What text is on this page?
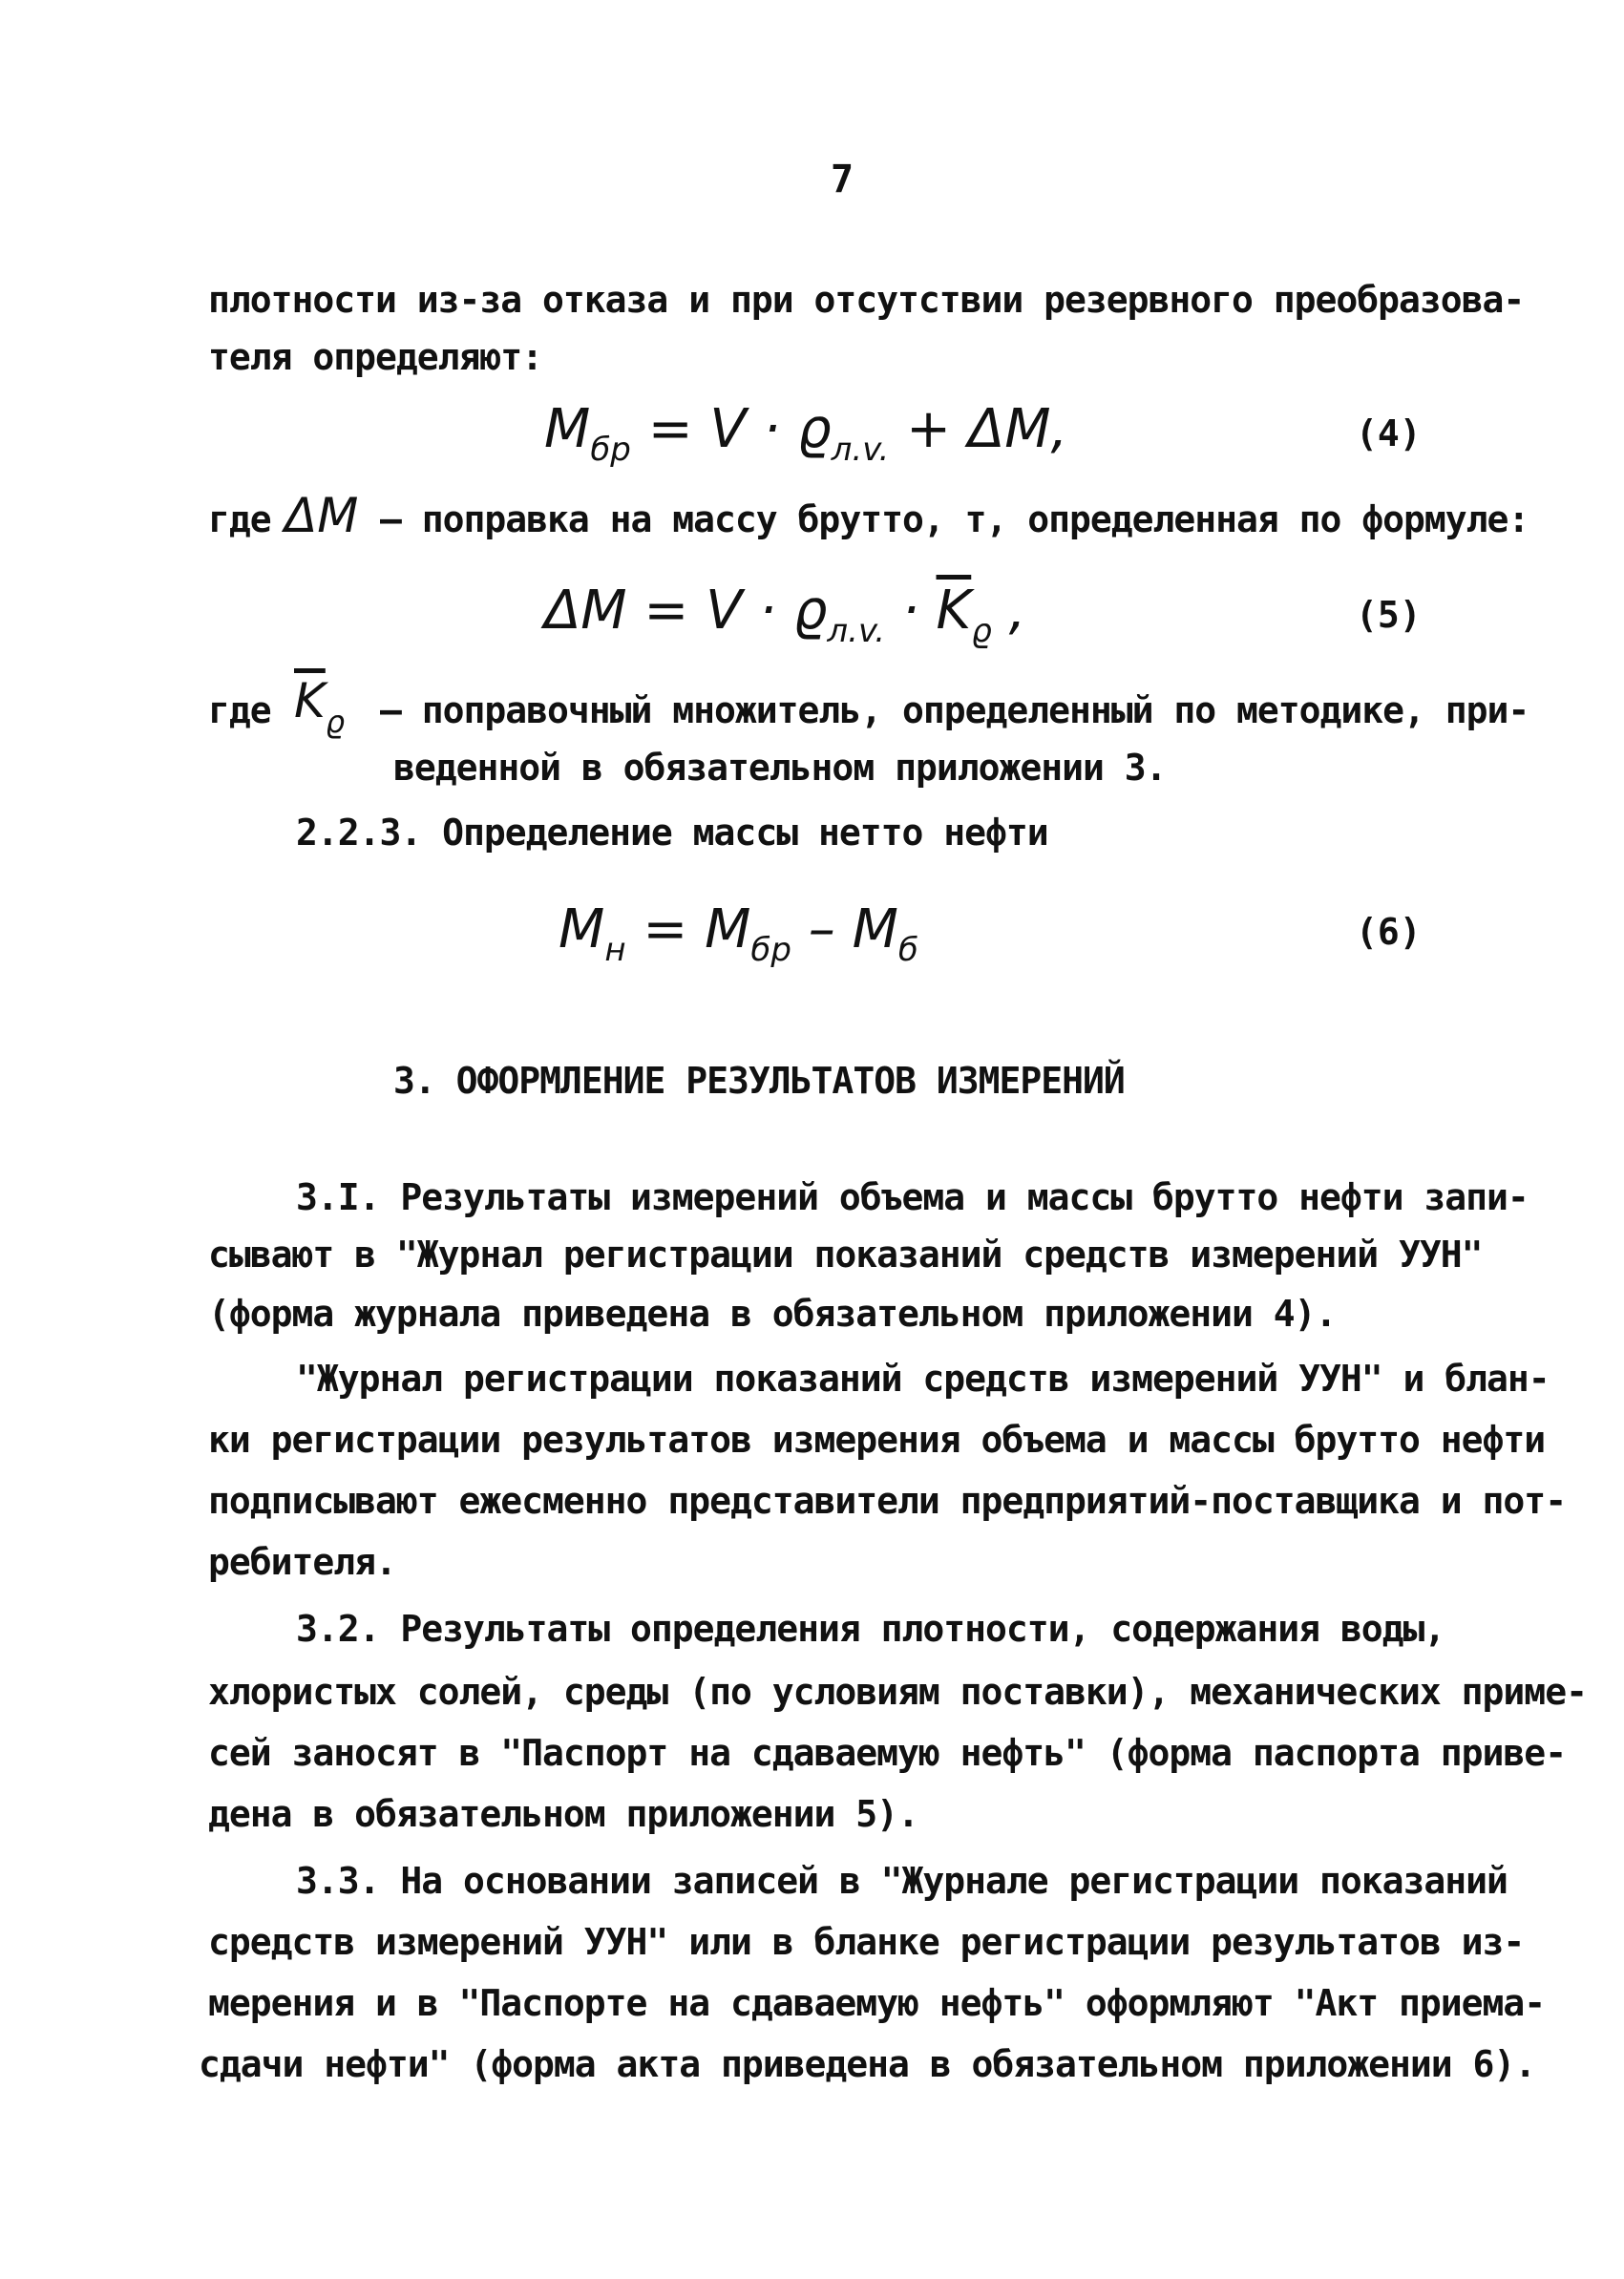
7
плотности из-за отказа и при отсутствии резервного преобразова-
теля определяют:
$M_{бр} = V \cdot ϱ_{л.v.} + \Delta M$,	(4)
где ΔM – поправка на массу брутто, т, определенная по формуле:
$\Delta M = V \cdot ϱ_{л.v.} \cdot \overline{K}_ϱ$ ,	(5)
где $\overline{K}_ϱ$ – поправочный множитель, определенный по методике, при-
веденной в обязательном приложении 3.
2.2.3. Определение массы нетто нефти
$M_н = M_{бр} - M_б$	(6)
3. ОФОРМЛЕНИЕ РЕЗУЛЬТАТОВ ИЗМЕРЕНИЙ
3.I. Результаты измерений объема и массы брутто нефти запи-
сывают в "Журнал регистрации показаний средств измерений УУН"
(форма журнала приведена в обязательном приложении 4).
"Журнал регистрации показаний средств измерений УУН" и блан-
ки регистрации результатов измерения объема и массы брутто нефти
подписывают ежесменно представители предприятий-поставщика и пот-
ребителя.
3.2. Результаты определения плотности, содержания воды,
хлористых солей, среды (по условиям поставки), механических приме-
сей заносят в "Паспорт на сдаваемую нефть" (форма паспорта приве-
дена в обязательном приложении 5).
3.3. На основании записей в "Журнале регистрации показаний
средств измерений УУН" или в бланке регистрации результатов из-
мерения и в "Паспорте на сдаваемую нефть" оформляют "Акт приема-
сдачи нефти" (форма акта приведена в обязательном приложении 6).
